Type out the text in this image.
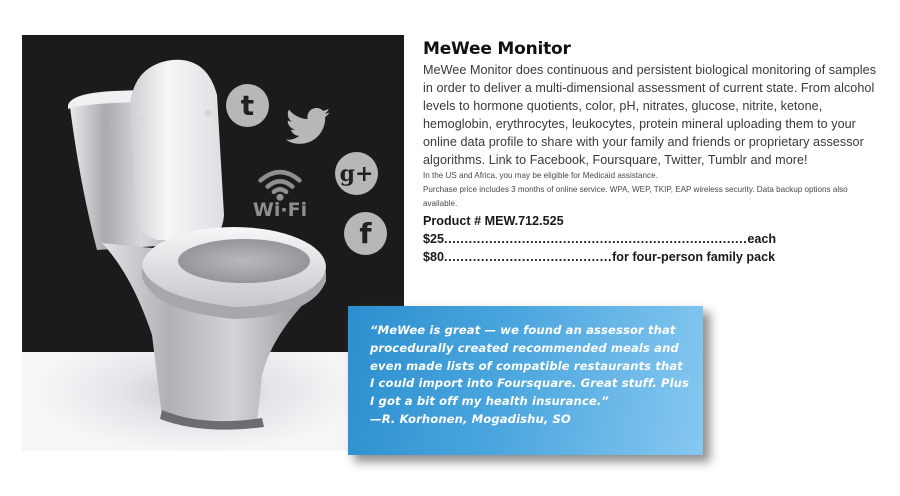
t
g+
f
Wi·Fi
MeWee Monitor

MeWee Monitor does continuous and persistent biological monitoring of samples in order to deliver a multi-dimensional assessment of current state. From alcohol levels to hormone quotients, color, pH, nitrates, glucose, nitrite, ketone, hemoglobin, erythrocytes, leukocytes, protein mineral uploading them to your online data profile to share with your family and friends or proprietary assessor algorithms. Link to Facebook, Foursquare, Twitter, Tumblr and more!

In the US and Africa, you may be eligible for Medicaid assistance.

Purchase price includes 3 months of online service. WPA, WEP, TKIP, EAP wireless security. Data backup options also available.

Product # MEW.712.525

$25 .......................................................................... each
$80 ......................................... for four-person family pack

“MeWee is great — we found an assessor that procedurally created recommended meals and even made lists of compatible restaurants that I could import into Foursquare. Great stuff. Plus I got a bit off my health insurance.”

—R. Korhonen, Mogadishu, SO
